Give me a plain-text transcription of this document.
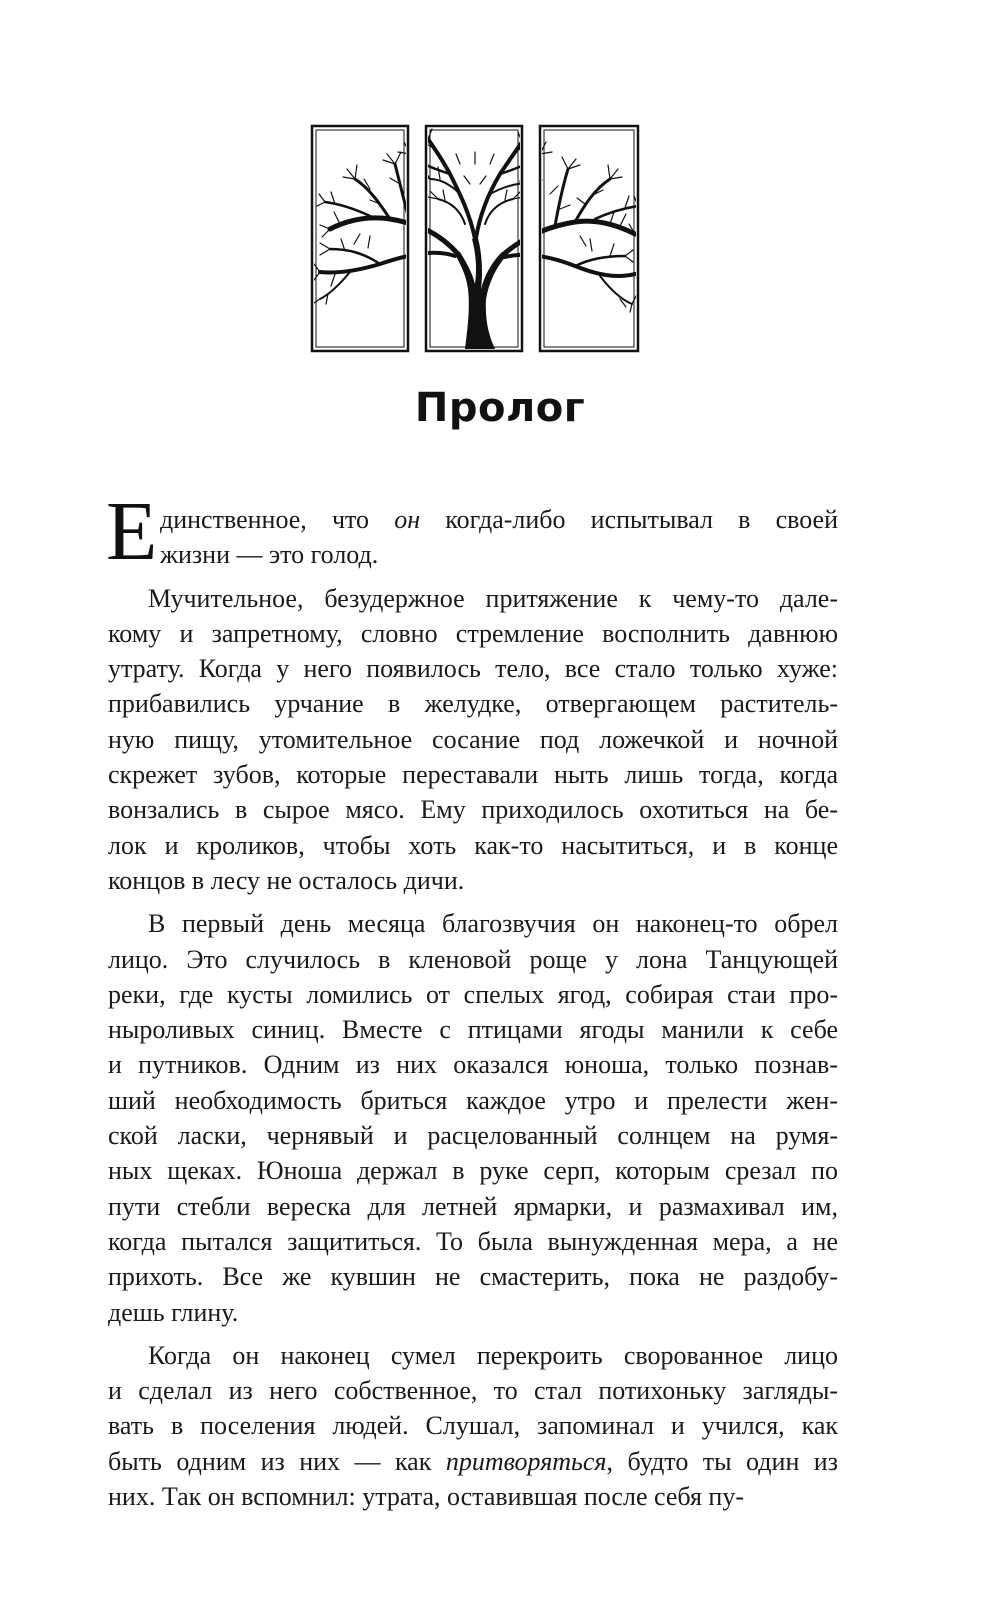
Пролог
Е динственное, что он когда-либо испытывал в своей
жизни — это голод.
Мучительное, безудержное притяжение к чему-то дале-
кому и запретному, словно стремление восполнить давнюю
утрату. Когда у него появилось тело, все стало только хуже:
прибавились урчание в желудке, отвергающем раститель-
ную пищу, утомительное сосание под ложечкой и ночной
скрежет зубов, которые переставали ныть лишь тогда, когда
вонзались в сырое мясо. Ему приходилось охотиться на бе-
лок и кроликов, чтобы хоть как-то насытиться, и в конце
концов в лесу не осталось дичи.
В первый день месяца благозвучия он наконец-то обрел
лицо. Это случилось в кленовой роще у лона Танцующей
реки, где кусты ломились от спелых ягод, собирая стаи про-
ныроливых синиц. Вместе с птицами ягоды манили к себе
и путников. Одним из них оказался юноша, только познав-
ший необходимость бриться каждое утро и прелести жен-
ской ласки, чернявый и расцелованный солнцем на румя-
ных щеках. Юноша держал в руке серп, которым срезал по
пути стебли вереска для летней ярмарки, и размахивал им,
когда пытался защититься. То была вынужденная мера, а не
прихоть. Все же кувшин не смастерить, пока не раздобу-
дешь глину.
Когда он наконец сумел перекроить своровaнное лицо
и сделал из него собственное, то стал потихоньку загляды-
вать в поселения людей. Слушал, запоминал и учился, как
быть одним из них — как притворяться, будто ты один из
них. Так он вспомнил: утрата, оставившая после себя пу-
